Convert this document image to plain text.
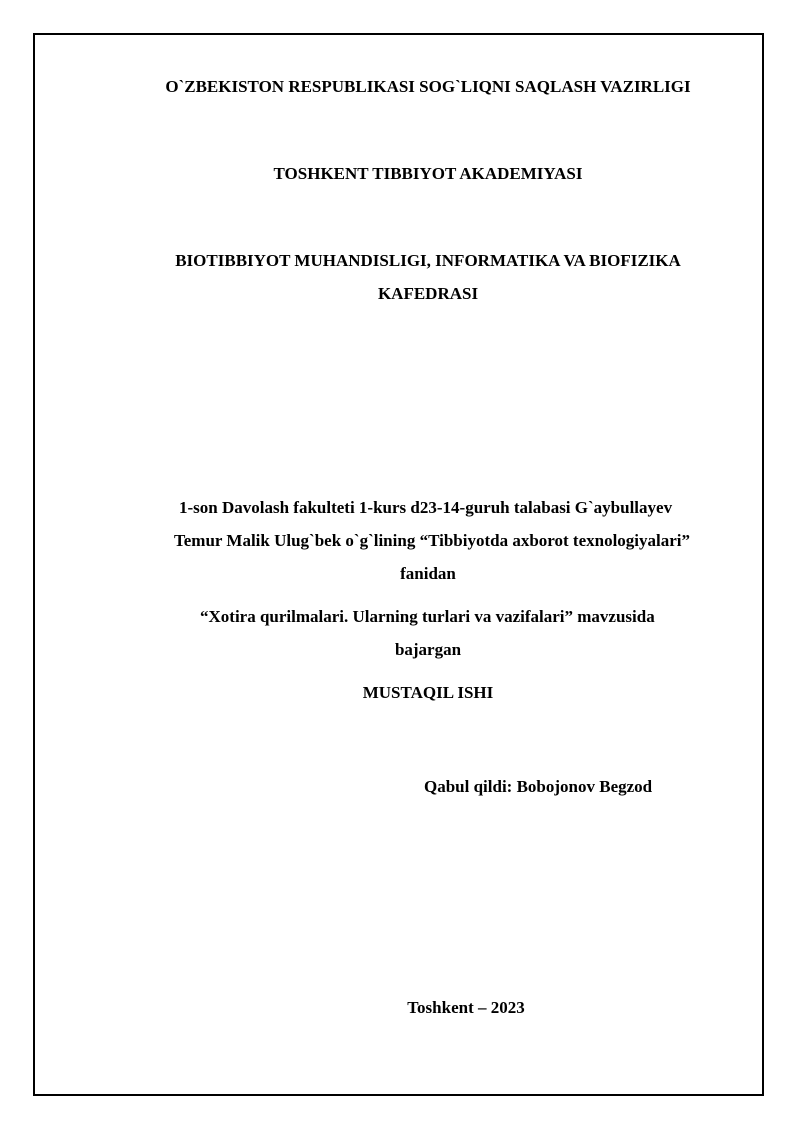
O`ZBEKISTON RESPUBLIKASI SOG`LIQNI SAQLASH VAZIRLIGI

TOSHKENT TIBBIYOT AKADEMIYASI

BIOTIBBIYOT MUHANDISLIGI, INFORMATIKA VA BIOFIZIKA

KAFEDRASI

1-son Davolash fakulteti 1-kurs d23-14-guruh talabasi G`aybullayev

Temur Malik Ulug`bek o`g`lining “Tibbiyotda axborot texnologiyalari”

fanidan

“Xotira qurilmalari. Ularning turlari va vazifalari” mavzusida

bajargan

MUSTAQIL ISHI

Qabul qildi: Bobojonov Begzod

Toshkent – 2023
